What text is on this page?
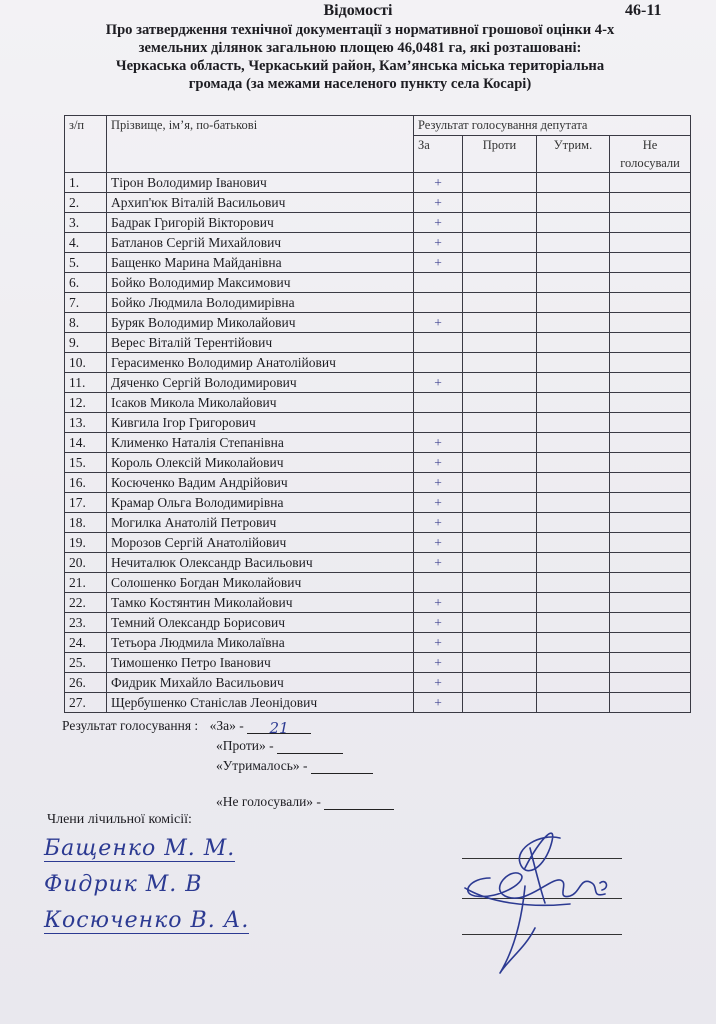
Відомості	46-11
Про затвердження технічної документації з нормативної грошової оцінки 4-х
земельних ділянок загальною площею 46,0481 га, які розташовані:
Черкаська область, Черкаський район, Кам’янська міська територіальна
громада (за межами населеного пункту села Косарі)
з/п	Прізвище, ім’я, по-батькові	Результат голосування депутата			
		За	Проти	Утрим.	Не голосували
1.	Тірон Володимир Іванович	+			
2.	Архип'юк Віталій Васильович	+			
3.	Бадрак Григорій Вікторович	+			
4.	Батланов Сергій Михайлович	+			
5.	Бащенко Марина Майданівна	+			
6.	Бойко Володимир Максимович				
7.	Бойко Людмила Володимирівна				
8.	Буряк Володимир Миколайович	+			
9.	Верес Віталій Терентійович				
10.	Герасименко Володимир Анатолійович				
11.	Дяченко Сергій Володимирович	+			
12.	Ісаков Микола Миколайович				
13.	Кивгила Ігор Григорович				
14.	Клименко Наталія Степанівна	+			
15.	Король Олексій Миколайович	+			
16.	Косюченко Вадим Андрійович	+			
17.	Крамар Ольга Володимирівна	+			
18.	Могилка Анатолій Петрович	+			
19.	Морозов Сергій Анатолійович	+			
20.	Нечиталюк Олександр Васильович	+			
21.	Солошенко Богдан Миколайович				
22.	Тамко Костянтин Миколайович	+			
23.	Темний Олександр Борисович	+			
24.	Тетьора Людмила Миколаївна	+			
25.	Тимошенко Петро Іванович	+			
26.	Фидрик Михайло Васильович	+			
27.	Щербушенко Станіслав Леонідович	+			
Результат голосування : «За» - 21
«Проти» -
«Утрималось» -
«Не голосували» -
Члени лічильної комісії:
Бащенко М. М.
Фидрик М. В
Косюченко В. А.
